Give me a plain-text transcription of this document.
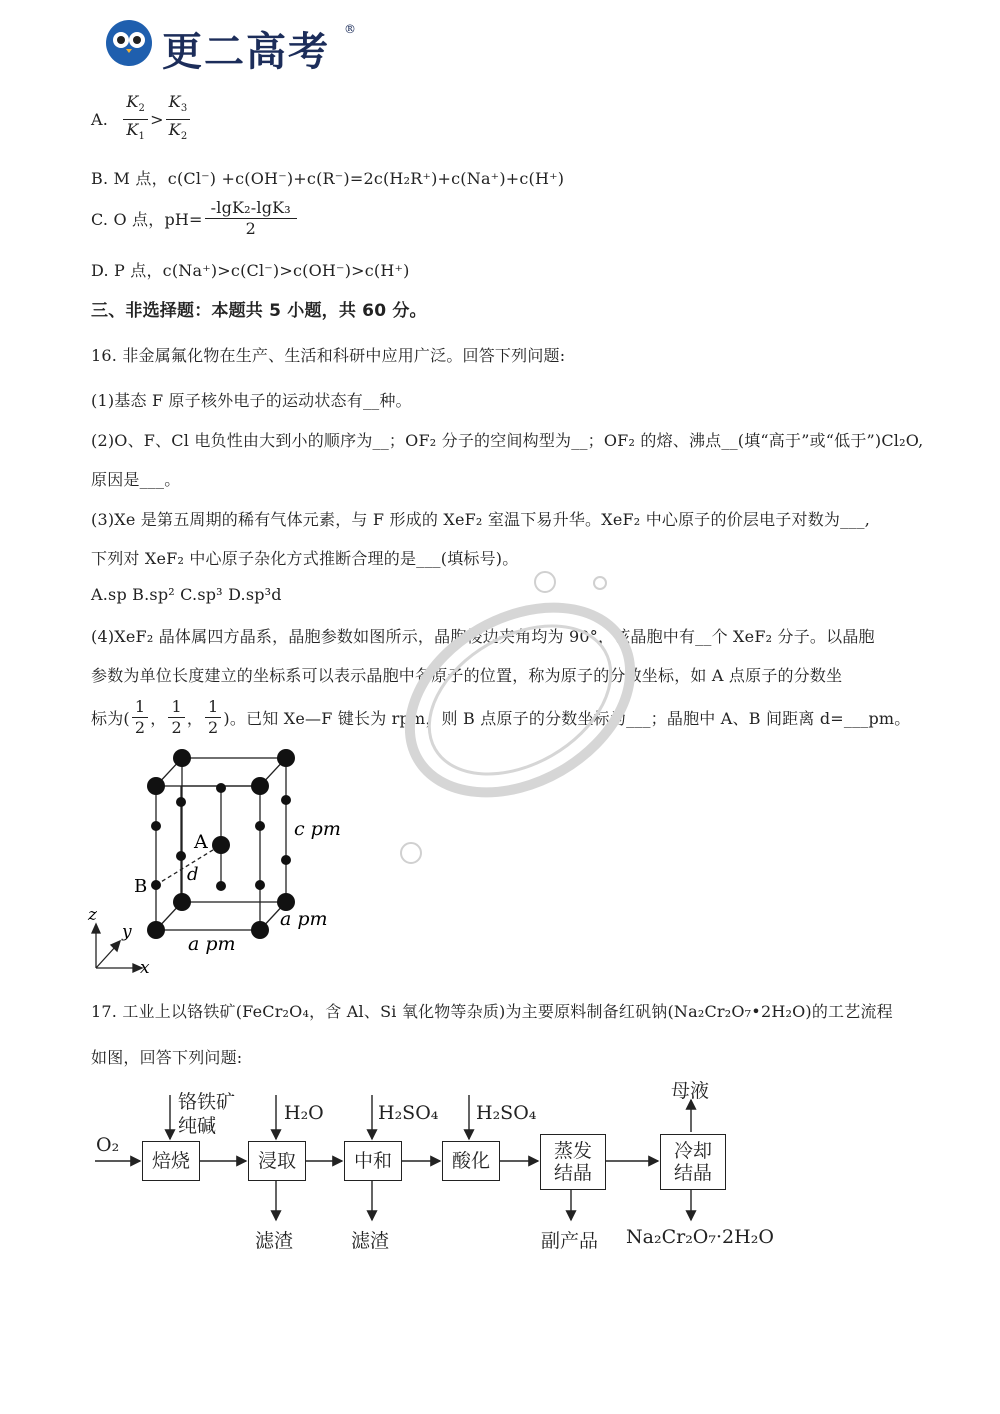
更二高考 ®
A. $\frac{K_2}{K_1} > \frac{K_3}{K_2}$
B. M 点，c(Cl⁻) +c(OH⁻)+c(R⁻)=2c(H₂R⁺)+c(Na⁺)+c(H⁺)
C. O 点，$pH= \frac{\text{-lgK₂-lgK₃}}{2}$
D. P 点，c(Na⁺)>c(Cl⁻)>c(OH⁻)>c(H⁺)
三、非选择题：本题共 5 小题，共 60 分。
16. 非金属氟化物在生产、生活和科研中应用广泛。回答下列问题:
(1)基态 F 原子核外电子的运动状态有__种。
(2)O、F、Cl 电负性由大到小的顺序为__；OF₂ 分子的空间构型为__；OF₂ 的熔、沸点__(填“高于”或“低于”)Cl₂O,
原因是___。
(3)Xe 是第五周期的稀有气体元素，与 F 形成的 XeF₂ 室温下易升华。XeF₂ 中心原子的价层电子对数为___,
下列对 XeF₂ 中心原子杂化方式推断合理的是___(填标号)。
A.sp B.sp² C.sp³ D.sp³d
(4)XeF₂ 晶体属四方晶系，晶胞参数如图所示，晶胞棱边夹角均为 90°，该晶胞中有__个 XeF₂ 分子。以晶胞
参数为单位长度建立的坐标系可以表示晶胞中各原子的位置，称为原子的分数坐标，如 A 点原子的分数坐
标为( $\frac{1}{2}$ ， $\frac{1}{2}$ ， $\frac{1}{2}$ )。已知 Xe—F 键长为 rpm，则 B 点原子的分数坐标为___；晶胞中 A、B 间距离 d=___pm。
c pm
a pm
a pm
A
B
d
z
y
x
17. 工业上以铬铁矿(FeCr₂O₄，含 Al、Si 氧化物等杂质)为主要原料制备红矾钠(Na₂Cr₂O₇•2H₂O)的工艺流程
如图，回答下列问题:
O₂
焙烧	浸取	中和	酸化	蒸发
结晶
冷却
结晶
铬铁矿
纯碱
H₂O	H₂SO₄ H₂SO₄
滤渣	滤渣	副产品 Na₂Cr₂O₇·2H₂O
母液
